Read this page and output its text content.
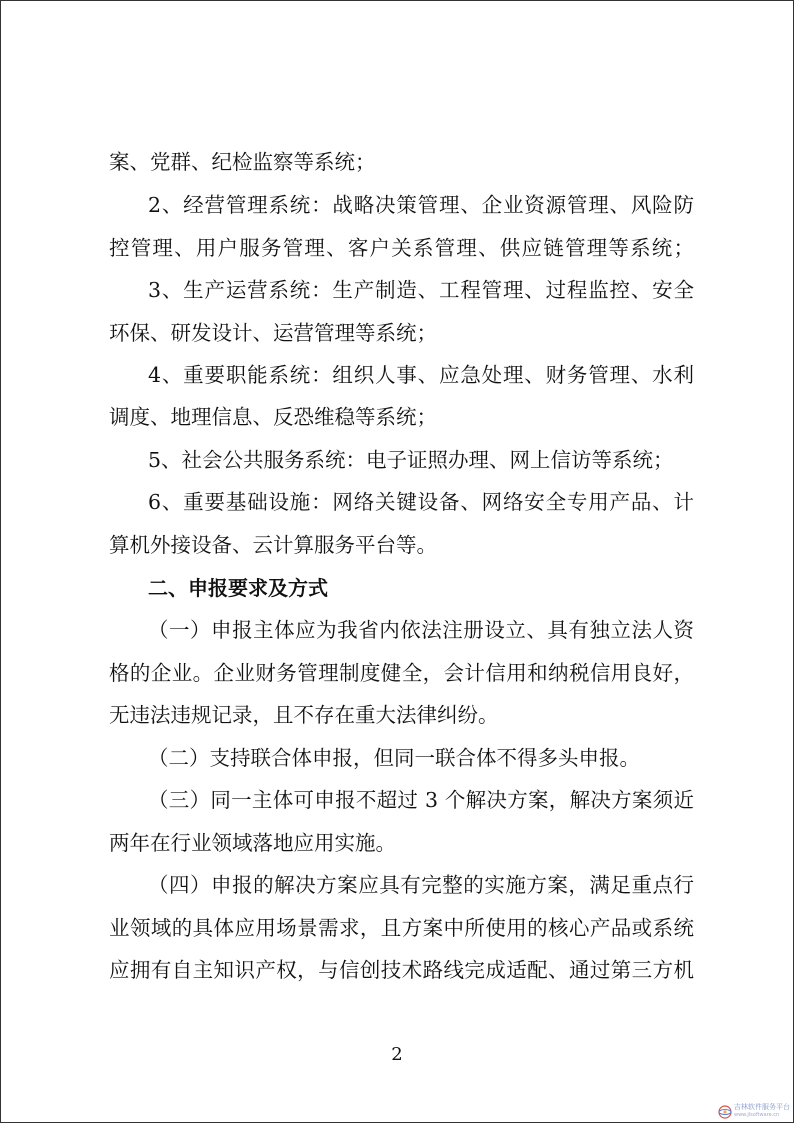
案、党群、纪检监察等系统；
2、经营管理系统：战略决策管理、企业资源管理、风险防
控管理、用户服务管理、客户关系管理、供应链管理等系统；
3、生产运营系统：生产制造、工程管理、过程监控、安全
环保、研发设计、运营管理等系统；
4、重要职能系统：组织人事、应急处理、财务管理、水利
调度、地理信息、反恐维稳等系统；
5、社会公共服务系统：电子证照办理、网上信访等系统；
6、重要基础设施：网络关键设备、网络安全专用产品、计
算机外接设备、云计算服务平台等。
二、申报要求及方式
（一）申报主体应为我省内依法注册设立、具有独立法人资
格的企业。企业财务管理制度健全，会计信用和纳税信用良好，
无违法违规记录，且不存在重大法律纠纷。
（二）支持联合体申报，但同一联合体不得多头申报。
（三）同一主体可申报不超过 3 个解决方案，解决方案须近
两年在行业领域落地应用实施。
（四）申报的解决方案应具有完整的实施方案，满足重点行
业领域的具体应用场景需求，且方案中所使用的核心产品或系统
应拥有自主知识产权，与信创技术路线完成适配、通过第三方机
2
吉林软件服务平台
www.jlsoftware.cn
